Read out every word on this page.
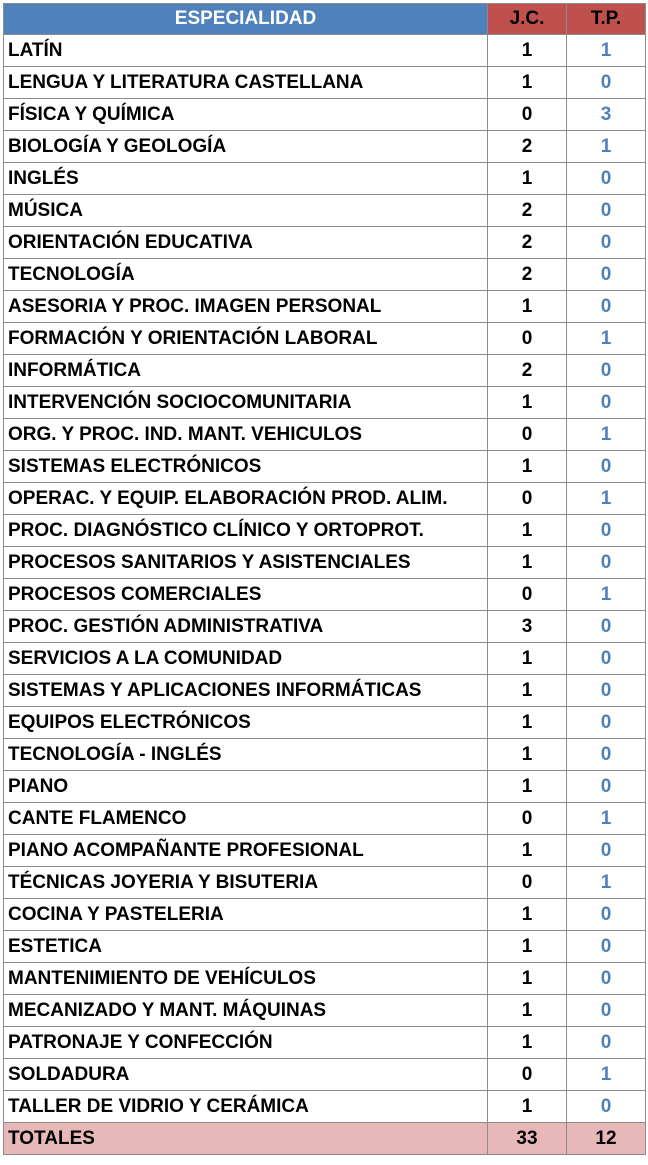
ESPECIALIDAD	J.C.	T.P.
LATÍN	1	1
LENGUA Y LITERATURA CASTELLANA	1	0
FÍSICA Y QUÍMICA	0	3
BIOLOGÍA Y GEOLOGÍA	2	1
INGLÉS	1	0
MÚSICA	2	0
ORIENTACIÓN EDUCATIVA	2	0
TECNOLOGÍA	2	0
ASESORIA Y PROC. IMAGEN PERSONAL	1	0
FORMACIÓN Y ORIENTACIÓN LABORAL	0	1
INFORMÁTICA	2	0
INTERVENCIÓN SOCIOCOMUNITARIA	1	0
ORG. Y PROC. IND. MANT. VEHICULOS	0	1
SISTEMAS ELECTRÓNICOS	1	0
OPERAC. Y EQUIP. ELABORACIÓN PROD. ALIM.	0	1
PROC. DIAGNÓSTICO CLÍNICO Y ORTOPROT.	1	0
PROCESOS SANITARIOS Y ASISTENCIALES	1	0
PROCESOS COMERCIALES	0	1
PROC. GESTIÓN ADMINISTRATIVA	3	0
SERVICIOS A LA COMUNIDAD	1	0
SISTEMAS Y APLICACIONES INFORMÁTICAS	1	0
EQUIPOS ELECTRÓNICOS	1	0
TECNOLOGÍA - INGLÉS	1	0
PIANO	1	0
CANTE FLAMENCO	0	1
PIANO ACOMPAÑANTE PROFESIONAL	1	0
TÉCNICAS JOYERIA Y BISUTERIA	0	1
COCINA Y PASTELERIA	1	0
ESTETICA	1	0
MANTENIMIENTO DE VEHÍCULOS	1	0
MECANIZADO Y MANT. MÁQUINAS	1	0
PATRONAJE Y CONFECCIÓN	1	0
SOLDADURA	0	1
TALLER DE VIDRIO Y CERÁMICA	1	0
TOTALES	33	12
